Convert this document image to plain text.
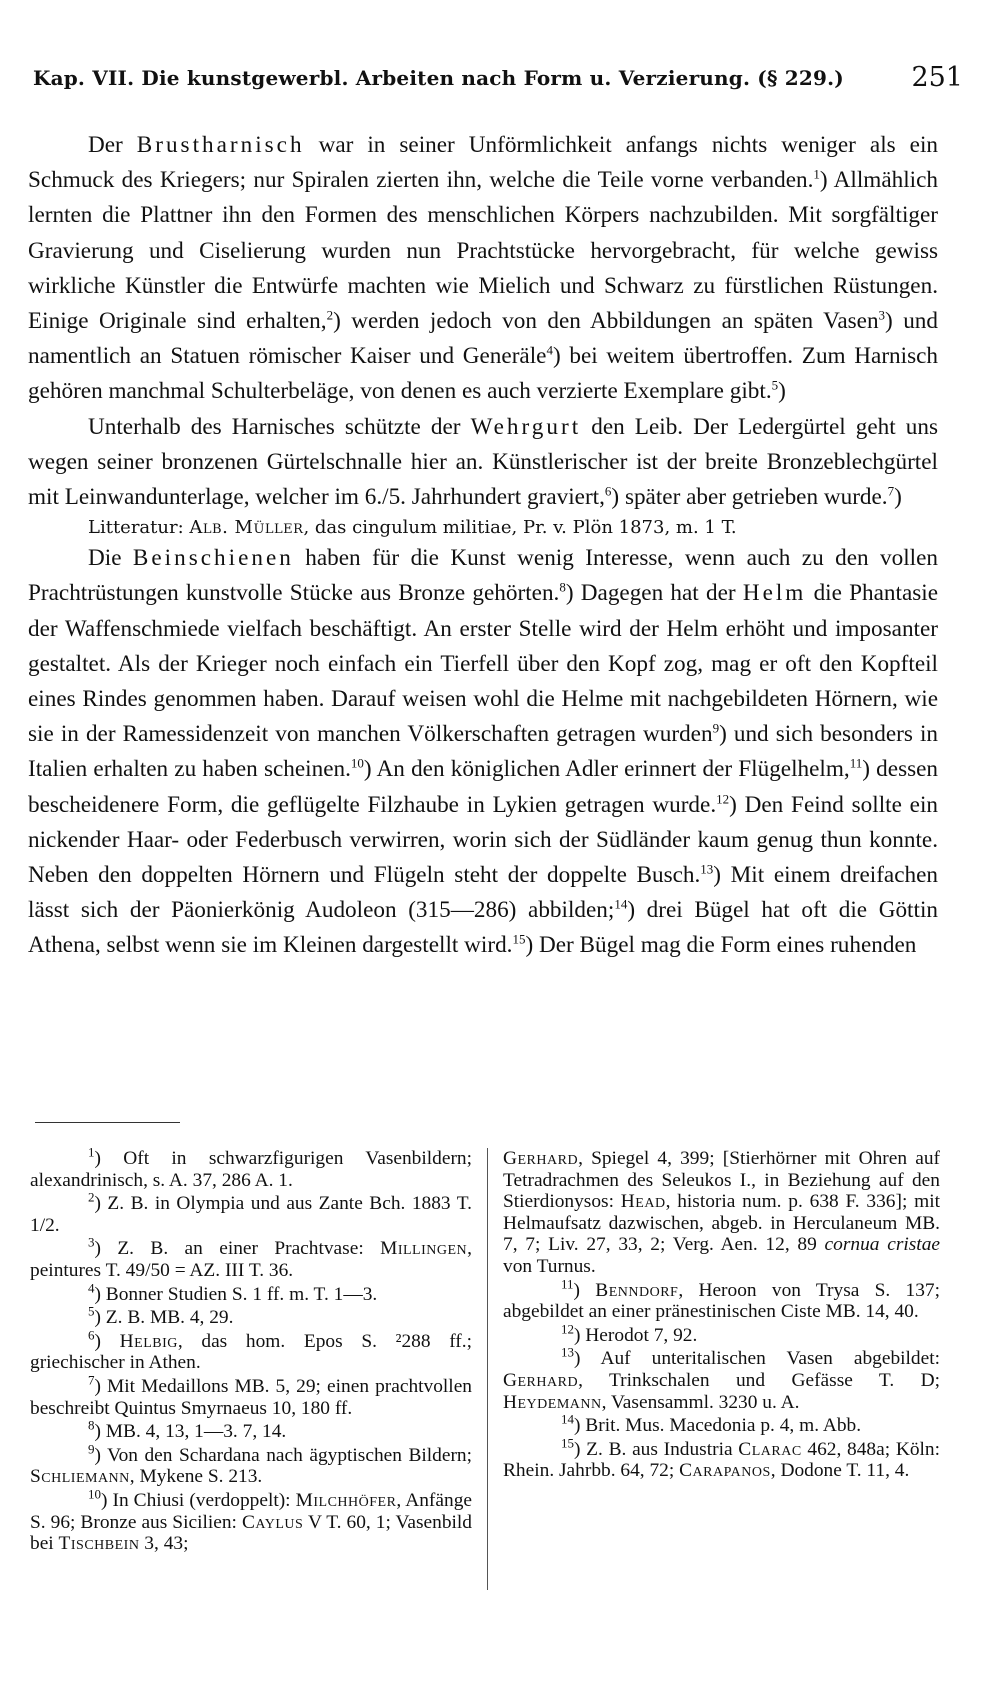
Kap. VII. Die kunstgewerbl. Arbeiten nach Form u. Verzierung. (§ 229.) 251

Der Brustharnisch war in seiner Unförmlichkeit anfangs nichts weniger als ein Schmuck des Kriegers; nur Spiralen zierten ihn, welche die Teile vorne verbanden.$^1$) Allmählich lernten die Plattner ihn den Formen des menschlichen Körpers nachzubilden. Mit sorgfältiger Gravierung und Ciselierung wurden nun Prachtstücke hervorgebracht, für welche gewiss wirkliche Künstler die Entwürfe machten wie Mielich und Schwarz zu fürstlichen Rüstungen. Einige Originale sind erhalten,$^2$) werden jedoch von den Abbildungen an späten Vasen$^3$) und namentlich an Statuen römischer Kaiser und Generäle$^4$) bei weitem übertroffen. Zum Harnisch gehören manchmal Schulterbeläge, von denen es auch verzierte Exemplare gibt.$^5$)

Unterhalb des Harnisches schützte der Wehrgurt den Leib. Der Ledergürtel geht uns wegen seiner bronzenen Gürtelschnalle hier an. Künstlerischer ist der breite Bronzeblechgürtel mit Leinwandunterlage, welcher im 6./5. Jahrhundert graviert,$^6$) später aber getrieben wurde.$^7$)

Litteratur: Alb. Müller, das cingulum militiae, Pr. v. Plön 1873, m. 1 T.

Die Beinschienen haben für die Kunst wenig Interesse, wenn auch zu den vollen Prachtrüstungen kunstvolle Stücke aus Bronze gehörten.$^8$) Dagegen hat der Helm die Phantasie der Waffenschmiede vielfach beschäftigt. An erster Stelle wird der Helm erhöht und imposanter gestaltet. Als der Krieger noch einfach ein Tierfell über den Kopf zog, mag er oft den Kopfteil eines Rindes genommen haben. Darauf weisen wohl die Helme mit nachgebildeten Hörnern, wie sie in der Ramessidenzeit von manchen Völkerschaften getragen wurden$^9$) und sich besonders in Italien erhalten zu haben scheinen.$^{10}$) An den königlichen Adler erinnert der Flügelhelm,$^{11}$) dessen bescheidenere Form, die geflügelte Filzhaube in Lykien getragen wurde.$^{12}$) Den Feind sollte ein nickender Haar- oder Federbusch verwirren, worin sich der Südländer kaum genug thun konnte. Neben den doppelten Hörnern und Flügeln steht der doppelte Busch.$^{13}$) Mit einem dreifachen lässt sich der Päonierkönig Audoleon (315—286) abbilden;$^{14}$) drei Bügel hat oft die Göttin Athena, selbst wenn sie im Kleinen dargestellt wird.$^{15}$) Der Bügel mag die Form eines ruhenden

$^1$) Oft in schwarzfigurigen Vasenbildern; alexandrinisch, s. A. 37, 286 A. 1.

$^2$) Z. B. in Olympia und aus Zante Bch. 1883 T. 1/2.

$^3$) Z. B. an einer Prachtvase: Millingen, peintures T. 49/50 = AZ. III T. 36.

$^4$) Bonner Studien S. 1 ff. m. T. 1—3.

$^5$) Z. B. MB. 4, 29.

$^6$) Helbig, das hom. Epos S. ²288 ff.; griechischer in Athen.

$^7$) Mit Medaillons MB. 5, 29; einen prachtvollen beschreibt Quintus Smyrnaeus 10, 180 ff.

$^8$) MB. 4, 13, 1—3. 7, 14.

$^9$) Von den Schardana nach ägyptischen Bildern; Schliemann, Mykene S. 213.

$^{10}$) In Chiusi (verdoppelt): Milchhöfer, Anfänge S. 96; Bronze aus Sicilien: Caylus V T. 60, 1; Vasenbild bei Tischbein 3, 43;

Gerhard, Spiegel 4, 399; [Stierhörner mit Ohren auf Tetradrachmen des Seleukos I., in Beziehung auf den Stierdionysos: Head, historia num. p. 638 F. 336]; mit Helmaufsatz dazwischen, abgeb. in Herculaneum MB. 7, 7; Liv. 27, 33, 2; Verg. Aen. 12, 89 cornua cristae von Turnus.

$^{11}$) Benndorf, Heroon von Trysa S. 137; abgebildet an einer pränestinischen Ciste MB. 14, 40.

$^{12}$) Herodot 7, 92.

$^{13}$) Auf unteritalischen Vasen abgebildet: Gerhard, Trinkschalen und Gefässe T. D; Heydemann, Vasensamml. 3230 u. A.

$^{14}$) Brit. Mus. Macedonia p. 4, m. Abb.

$^{15}$) Z. B. aus Industria Clarac 462, 848a; Köln: Rhein. Jahrbb. 64, 72; Carapanos, Dodone T. 11, 4.
